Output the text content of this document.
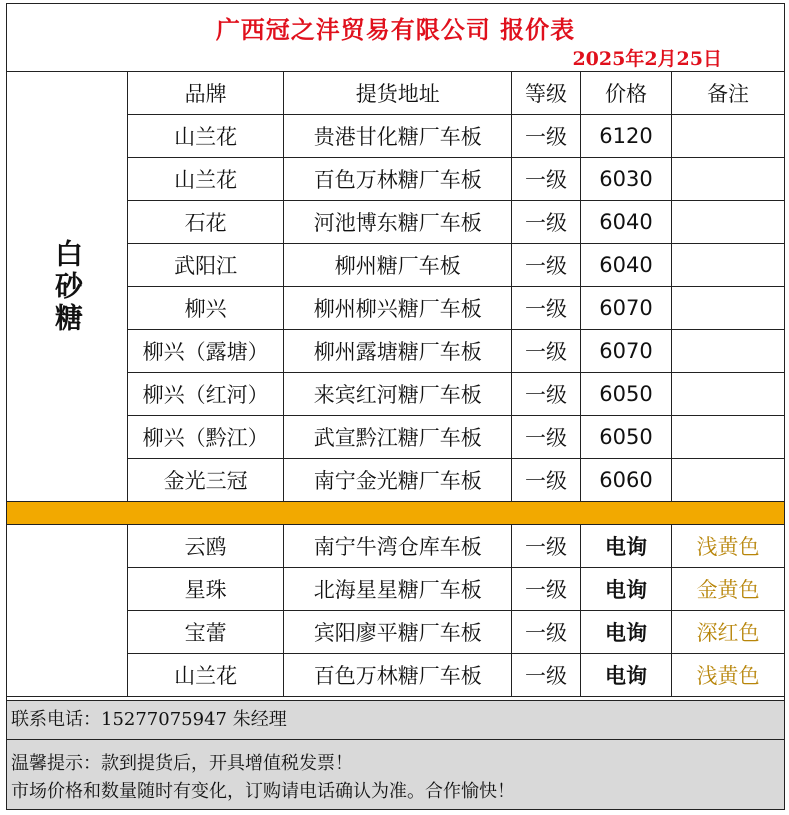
广西冠之沣贸易有限公司 报价表
2025年2月25日
白砂糖	品牌	提货地址	等级	价格	备注
	山兰花	贵港甘化糖厂车板	一级	6120	
	山兰花	百色万林糖厂车板	一级	6030	
	石花	河池博东糖厂车板	一级	6040	
	武阳江	柳州糖厂车板	一级	6040	
	柳兴	柳州柳兴糖厂车板	一级	6070	
	柳兴（露塘）	柳州露塘糖厂车板	一级	6070	
	柳兴（红河）	来宾红河糖厂车板	一级	6050	
	柳兴（黔江）	武宣黔江糖厂车板	一级	6050	
	金光三冠	南宁金光糖厂车板	一级	6060	

	云鸥	南宁牛湾仓库车板	一级	电询	浅黄色
	星珠	北海星星糖厂车板	一级	电询	金黄色
	宝蕾	宾阳廖平糖厂车板	一级	电询	深红色
	山兰花	百色万林糖厂车板	一级	电询	浅黄色
联系电话：15277075947 朱经理
温馨提示：款到提货后，开具增值税发票！
市场价格和数量随时有变化，订购请电话确认为准。合作愉快！
